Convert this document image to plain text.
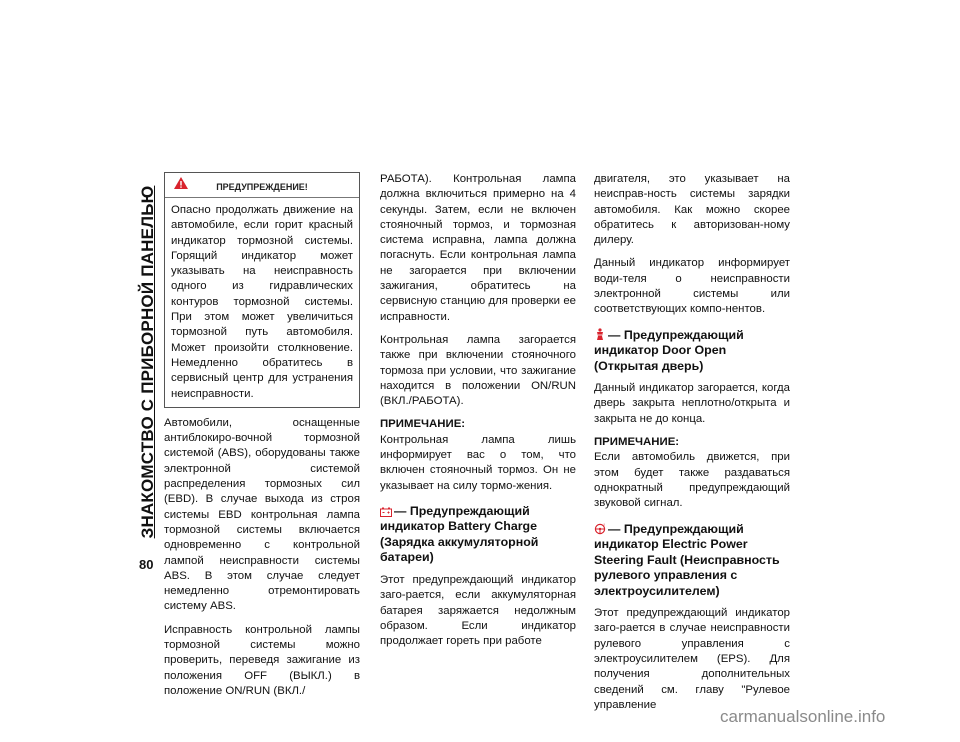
ЗНАКОМСТВО С ПРИБОРНОЙ ПАНЕЛЬЮ
80
ПРЕДУПРЕЖДЕНИЕ!
Опасно продолжать движение на автомобиле, если горит красный индикатор тормозной системы. Горящий индикатор может указывать на неисправность одного из гидравлических контуров тормозной системы. При этом может увеличиться тормозной путь автомобиля. Может произойти столкновение. Немедленно обратитесь в сервисный центр для устранения неисправности.

Автомобили, оснащенные антиблокиро-вочной тормозной системой (ABS), оборудованы также электронной системой распределения тормозных сил (EBD). В случае выхода из строя системы EBD контрольная лампа тормозной системы включается одновременно с контрольной лампой неисправности системы ABS. В этом случае следует немедленно отремонтировать систему ABS.

Исправность контрольной лампы тормозной системы можно проверить, переведя зажигание из положения OFF (ВЫКЛ.) в положение ON/RUN (ВКЛ./

РАБОТА). Контрольная лампа должна включиться примерно на 4 секунды. Затем, если не включен стояночный тормоз, и тормозная система исправна, лампа должна погаснуть. Если контрольная лампа не загорается при включении зажигания, обратитесь на сервисную станцию для проверки ее исправности.

Контрольная лампа загорается также при включении стояночного тормоза при условии, что зажигание находится в положении ON/RUN (ВКЛ./РАБОТА).

ПРИМЕЧАНИЕ:

Контрольная лампа лишь информирует вас о том, что включен стояночный тормоз. Он не указывает на силу тормо-жения.

— Предупреждающий индикатор Battery Charge (Зарядка аккумуляторной батареи)

Этот предупреждающий индикатор заго-рается, если аккумуляторная батарея заряжается недолжным образом. Если индикатор продолжает гореть при работе

двигателя, это указывает на неисправ-ность системы зарядки автомобиля. Как можно скорее обратитесь к авторизован-ному дилеру.

Данный индикатор информирует води-теля о неисправности электронной системы или соответствующих компо-нентов.

— Предупреждающий индикатор Door Open (Открытая дверь)

Данный индикатор загорается, когда дверь закрыта неплотно/открыта и закрыта не до конца.

ПРИМЕЧАНИЕ:

Если автомобиль движется, при этом будет также раздаваться однократный предупреждающий звуковой сигнал.

! — Предупреждающий индикатор Electric Power Steering Fault (Неисправность рулевого управления с электроусилителем)

Этот предупреждающий индикатор заго-рается в случае неисправности рулевого управления с электроусилителем (EPS). Для получения дополнительных сведений см. главу "Рулевое управление

carmanualsonline.info
